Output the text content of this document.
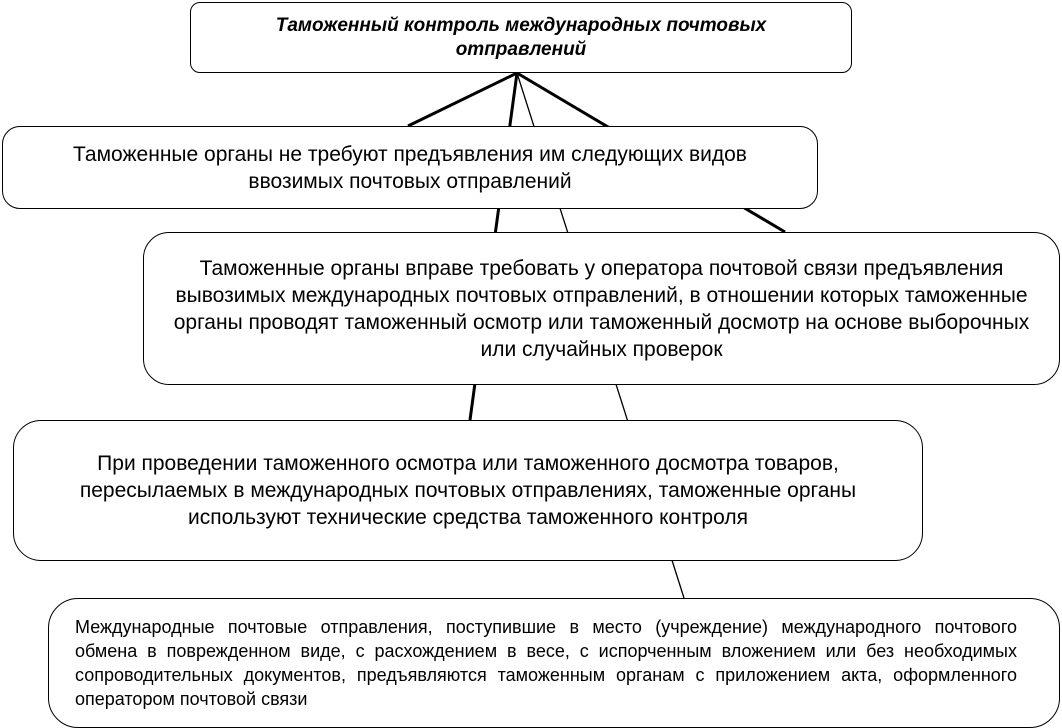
Таможенный контроль международных почтовых отправлений
Таможенные органы не требуют предъявления им следующих видов ввозимых почтовых отправлений
Таможенные органы вправе требовать у оператора почтовой связи предъявления вывозимых международных почтовых отправлений, в отношении которых таможенные органы проводят таможенный осмотр или таможенный досмотр на основе выборочных или случайных проверок
При проведении таможенного осмотра или таможенного досмотра товаров, пересылаемых в международных почтовых отправлениях, таможенные органы используют технические средства таможенного контроля
Международные почтовые отправления, поступившие в место (учреждение) международного почтового обмена в поврежденном виде, с расхождением в весе, с испорченным вложением или без необходимых сопроводительных документов, предъявляются таможенным органам с приложением акта, оформленного оператором почтовой связи
